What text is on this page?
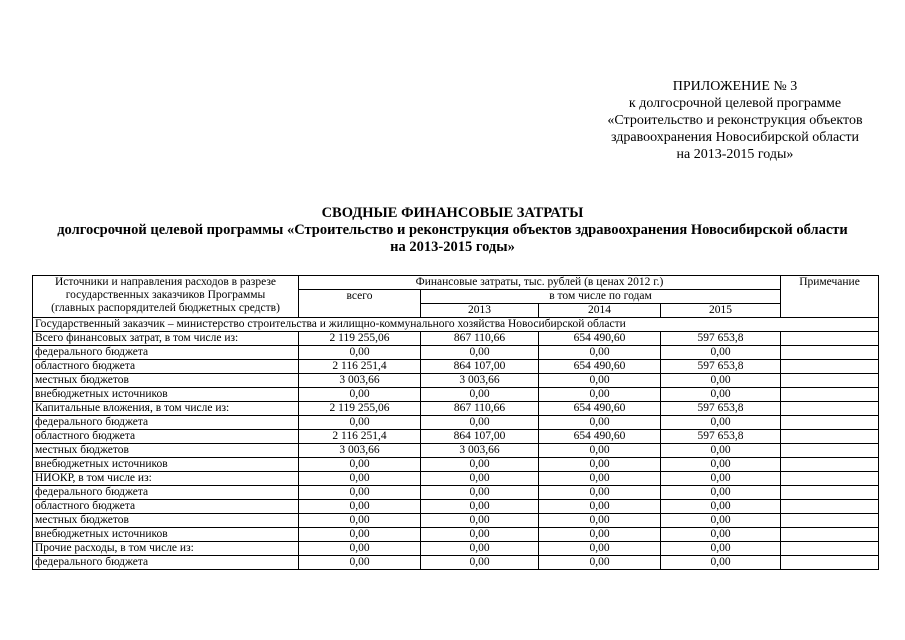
ПРИЛОЖЕНИЕ № 3
к долгосрочной целевой программе
«Строительство и реконструкция объектов
здравоохранения Новосибирской области
на 2013-2015 годы»
СВОДНЫЕ ФИНАНСОВЫЕ ЗАТРАТЫ
долгосрочной целевой программы «Строительство и реконструкция объектов здравоохранения Новосибирской области
на 2013-2015 годы»
Источники и направления расходов в разрезе
государственных заказчиков Программы
(главных распорядителей бюджетных средств)	Финансовые затраты, тыс. рублей (в ценах 2012 г.)				Примечание
	всего	в том числе по годам			
		2013	2014	2015	
Государственный заказчик – министерство строительства и жилищно-коммунального хозяйства Новосибирской области					
Всего финансовых затрат, в том числе из:	2 119 255,06	867 110,66	654 490,60	597 653,8	
федерального бюджета	0,00	0,00	0,00	0,00	
областного бюджета	2 116 251,4	864 107,00	654 490,60	597 653,8	
местных бюджетов	3 003,66	3 003,66	0,00	0,00	
внебюджетных источников	0,00	0,00	0,00	0,00	
Капитальные вложения, в том числе из:	2 119 255,06	867 110,66	654 490,60	597 653,8	
федерального бюджета	0,00	0,00	0,00	0,00	
областного бюджета	2 116 251,4	864 107,00	654 490,60	597 653,8	
местных бюджетов	3 003,66	3 003,66	0,00	0,00	
внебюджетных источников	0,00	0,00	0,00	0,00	
НИОКР, в том числе из:	0,00	0,00	0,00	0,00	
федерального бюджета	0,00	0,00	0,00	0,00	
областного бюджета	0,00	0,00	0,00	0,00	
местных бюджетов	0,00	0,00	0,00	0,00	
внебюджетных источников	0,00	0,00	0,00	0,00	
Прочие расходы, в том числе из:	0,00	0,00	0,00	0,00	
федерального бюджета	0,00	0,00	0,00	0,00	
